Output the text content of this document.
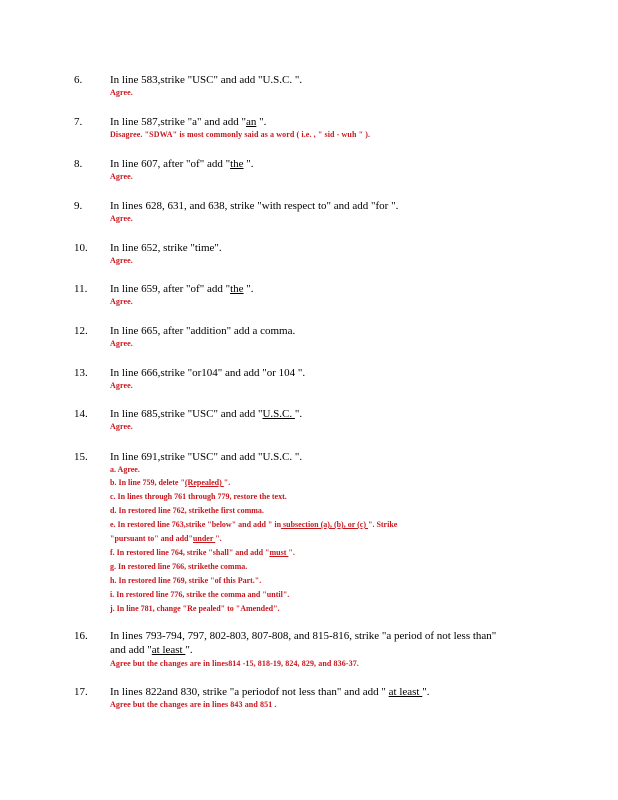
6.	In line 583,strike "USC" and add "U.S.C. ".
Agree.
7.	In line 587,strike "a" and add "an ".
Disagree. "SDWA" is most commonly said as a word ( i.e. , " sid - wuh " ).
8.	In line 607, after "of" add "the ".
Agree.
9.	In lines 628, 631, and 638, strike "with respect to" and add "for ".
Agree.
10. In line 652, strike "time".
Agree.
11. In line 659, after "of" add "the ".
Agree.
12. In line 665, after "addition" add a comma.
Agree.
13. In line 666,strike "or104" and add "or 104 ".
Agree.
14. In line 685,strike "USC" and add "U.S.C. ".
Agree.
15. In line 691,strike "USC" and add "U.S.C. ".
a. Agree.
b. In line 759, delete "(Repealed) ".
c. In lines through 761 through 779, restore the text.
d. In restored line 762, strikethe first comma.
e. In restored line 763,strike "below" and add " in subsection (a), (b), or (c) ". Strike
"pursuant to" and add"under ".
f. In restored line 764, strike "shall" and add "must ".
g. In restored line 766, strikethe comma.
h. In restored line 769, strike "of this Part.".
i. In restored line 776, strike the comma and "until".
j. In line 781, change "Re pealed" to "Amended".
16. In lines 793-794, 797, 802-803, 807-808, and 815-816, strike "a period of not less than"
and add "at least ".
Agree but the changes are in lines814 -15, 818-19, 824, 829, and 836-37.
17. In lines 822and 830, strike "a periodof not less than" and add " at least ".
Agree but the changes are in lines 843 and 851 .
